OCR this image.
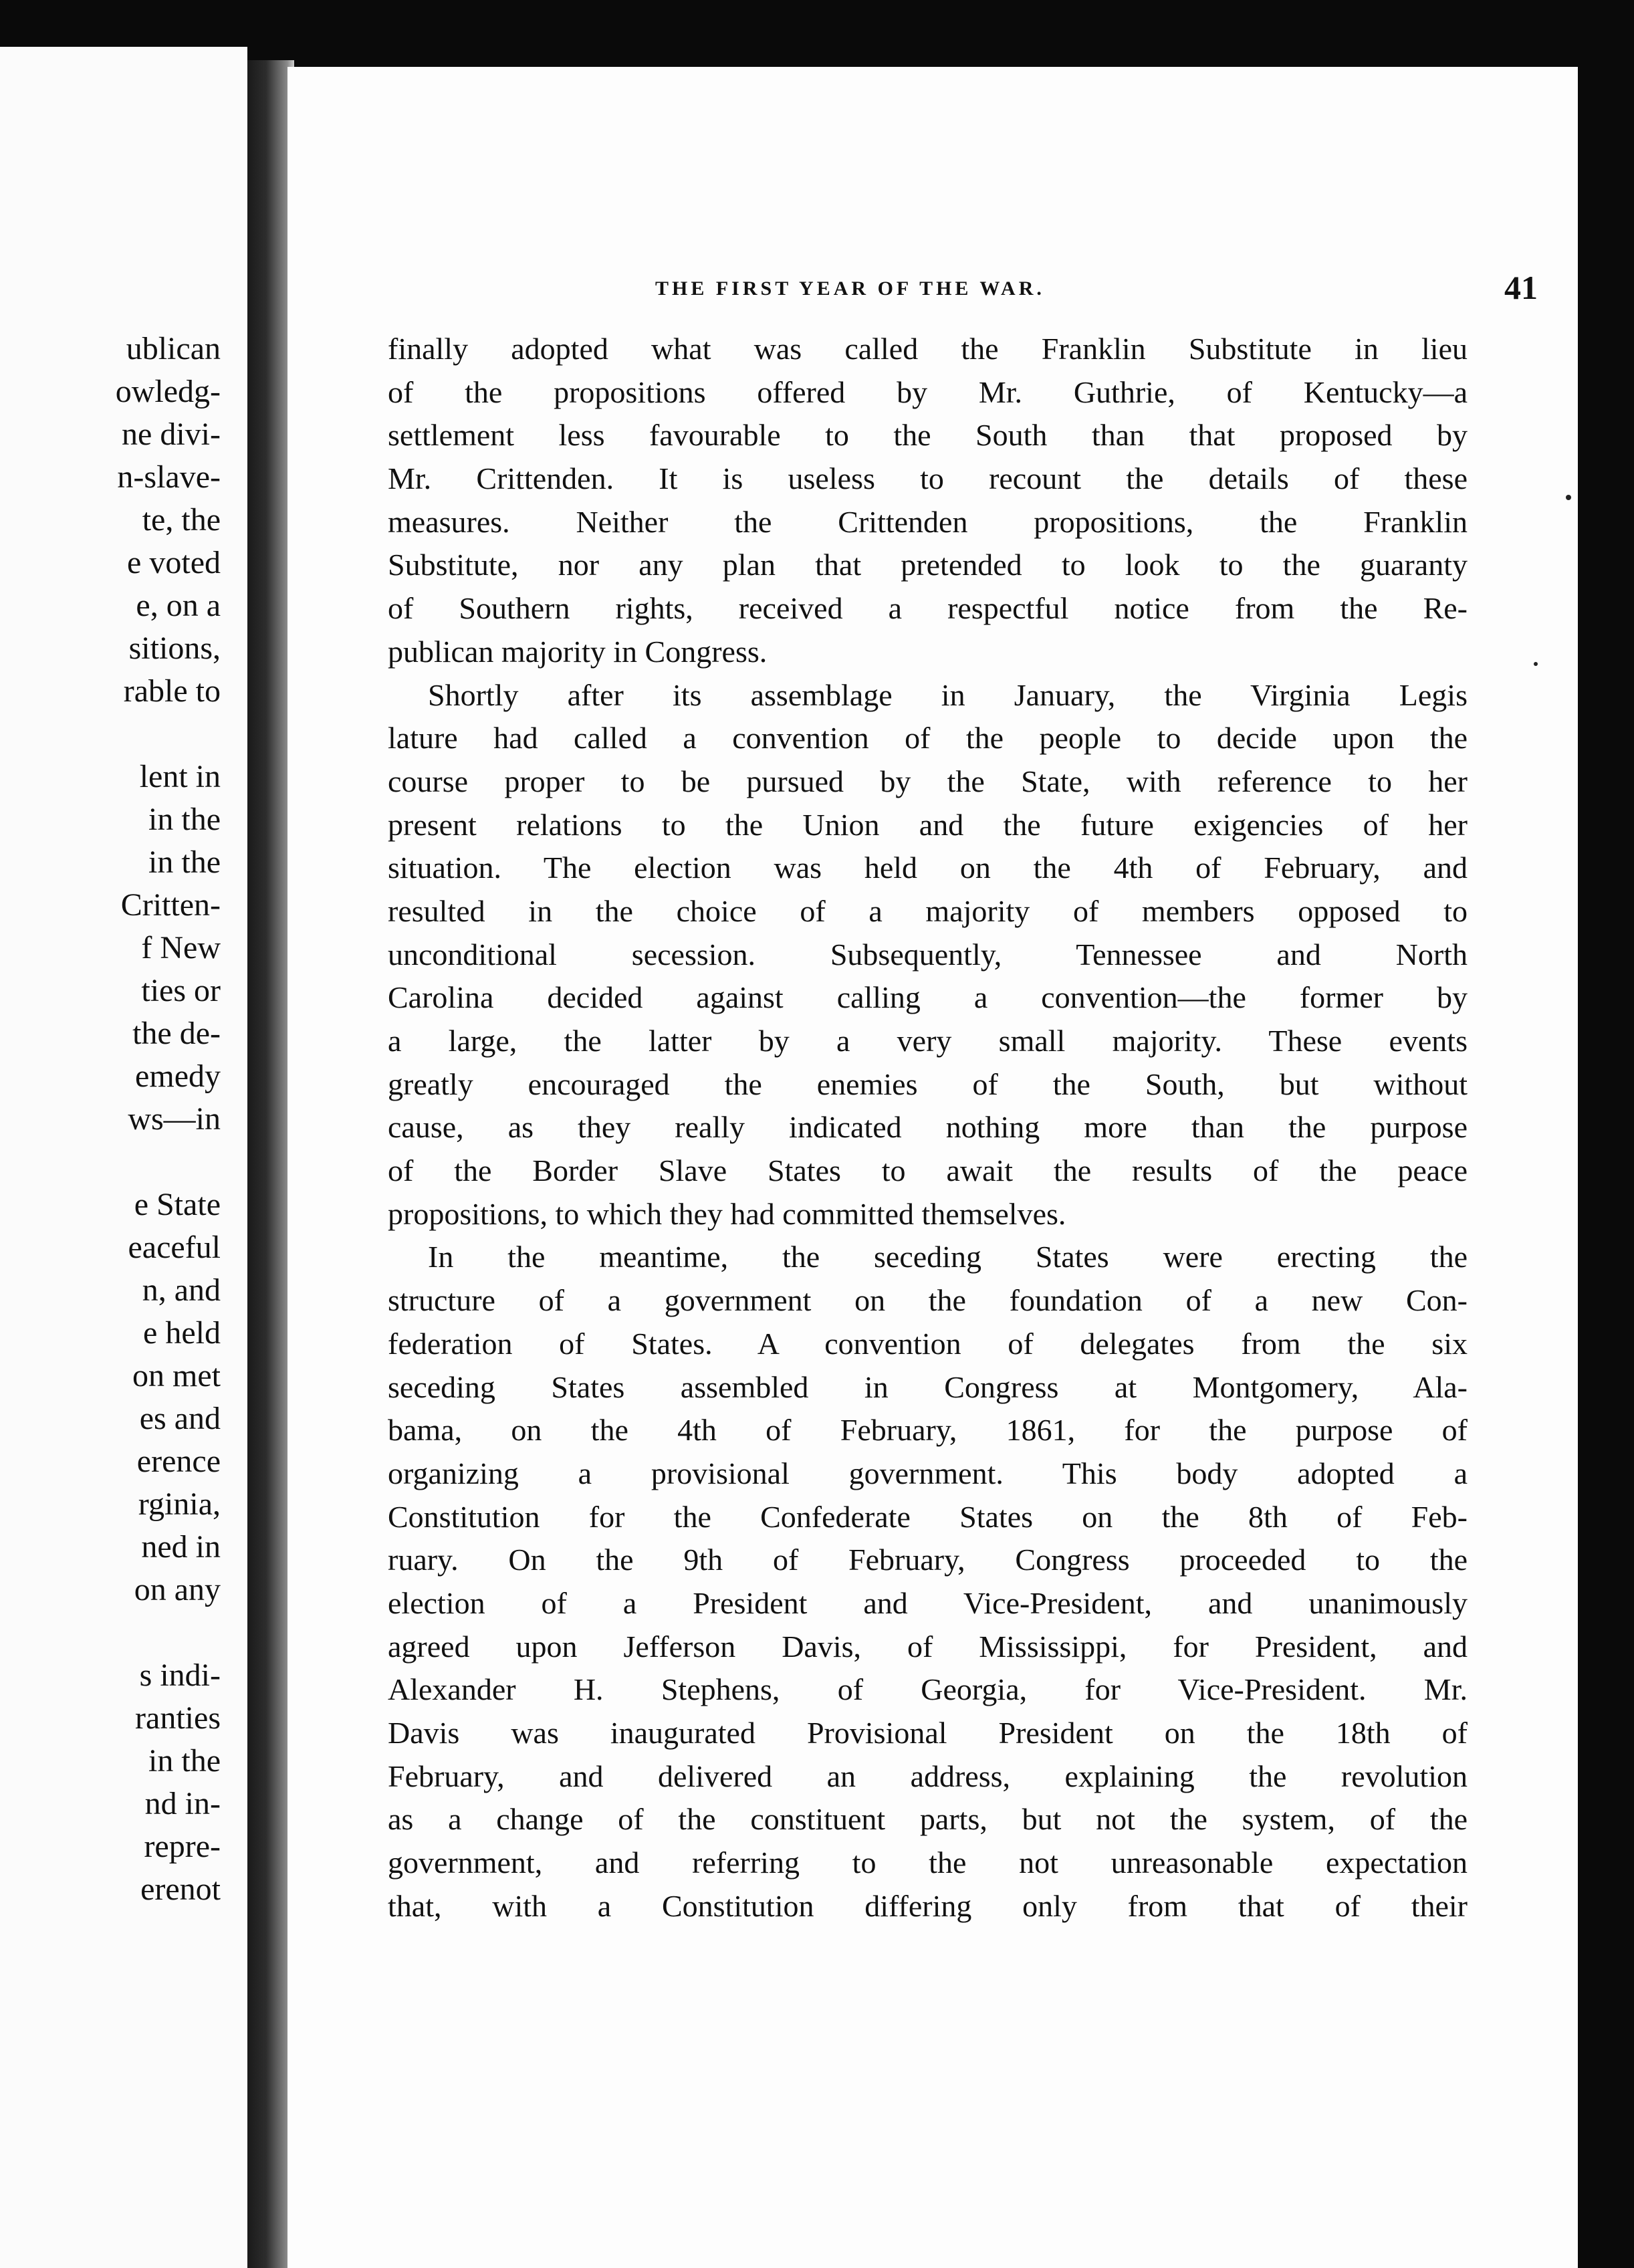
ublican
owledg-
ne divi-
n-slave-
te, the
e voted
e, on a
sitions,
rable to
lent in
in the
in the
Critten-
f New
ties or
the de-
emedy
ws—in
e State
eaceful
n, and
e held
on met
es and
erence
rginia,
ned in
on any
s indi-
ranties
in the
nd in-
repre-
erenot
THE FIRST YEAR OF THE WAR.	41
finally adopted what was called the Franklin Substitute in lieu
of the propositions offered by Mr. Guthrie, of Kentucky—a
settlement less favourable to the South than that proposed by
Mr. Crittenden. It is useless to recount the details of these
measures. Neither the Crittenden propositions, the Franklin
Substitute, nor any plan that pretended to look to the guaranty
of Southern rights, received a respectful notice from the Re-
publican majority in Congress.
Shortly after its assemblage in January, the Virginia Legis
lature had called a convention of the people to decide upon the
course proper to be pursued by the State, with reference to her
present relations to the Union and the future exigencies of her
situation. The election was held on the 4th of February, and
resulted in the choice of a majority of members opposed to
unconditional secession. Subsequently, Tennessee and North
Carolina decided against calling a convention—the former by
a large, the latter by a very small majority. These events
greatly encouraged the enemies of the South, but without
cause, as they really indicated nothing more than the purpose
of the Border Slave States to await the results of the peace
propositions, to which they had committed themselves.
In the meantime, the seceding States were erecting the
structure of a government on the foundation of a new Con-
federation of States. A convention of delegates from the six
seceding States assembled in Congress at Montgomery, Ala-
bama, on the 4th of February, 1861, for the purpose of
organizing a provisional government. This body adopted a
Constitution for the Confederate States on the 8th of Feb-
ruary. On the 9th of February, Congress proceeded to the
election of a President and Vice-President, and unanimously
agreed upon Jefferson Davis, of Mississippi, for President, and
Alexander H. Stephens, of Georgia, for Vice-President. Mr.
Davis was inaugurated Provisional President on the 18th of
February, and delivered an address, explaining the revolution
as a change of the constituent parts, but not the system, of the
government, and referring to the not unreasonable expectation
that, with a Constitution differing only from that of their
